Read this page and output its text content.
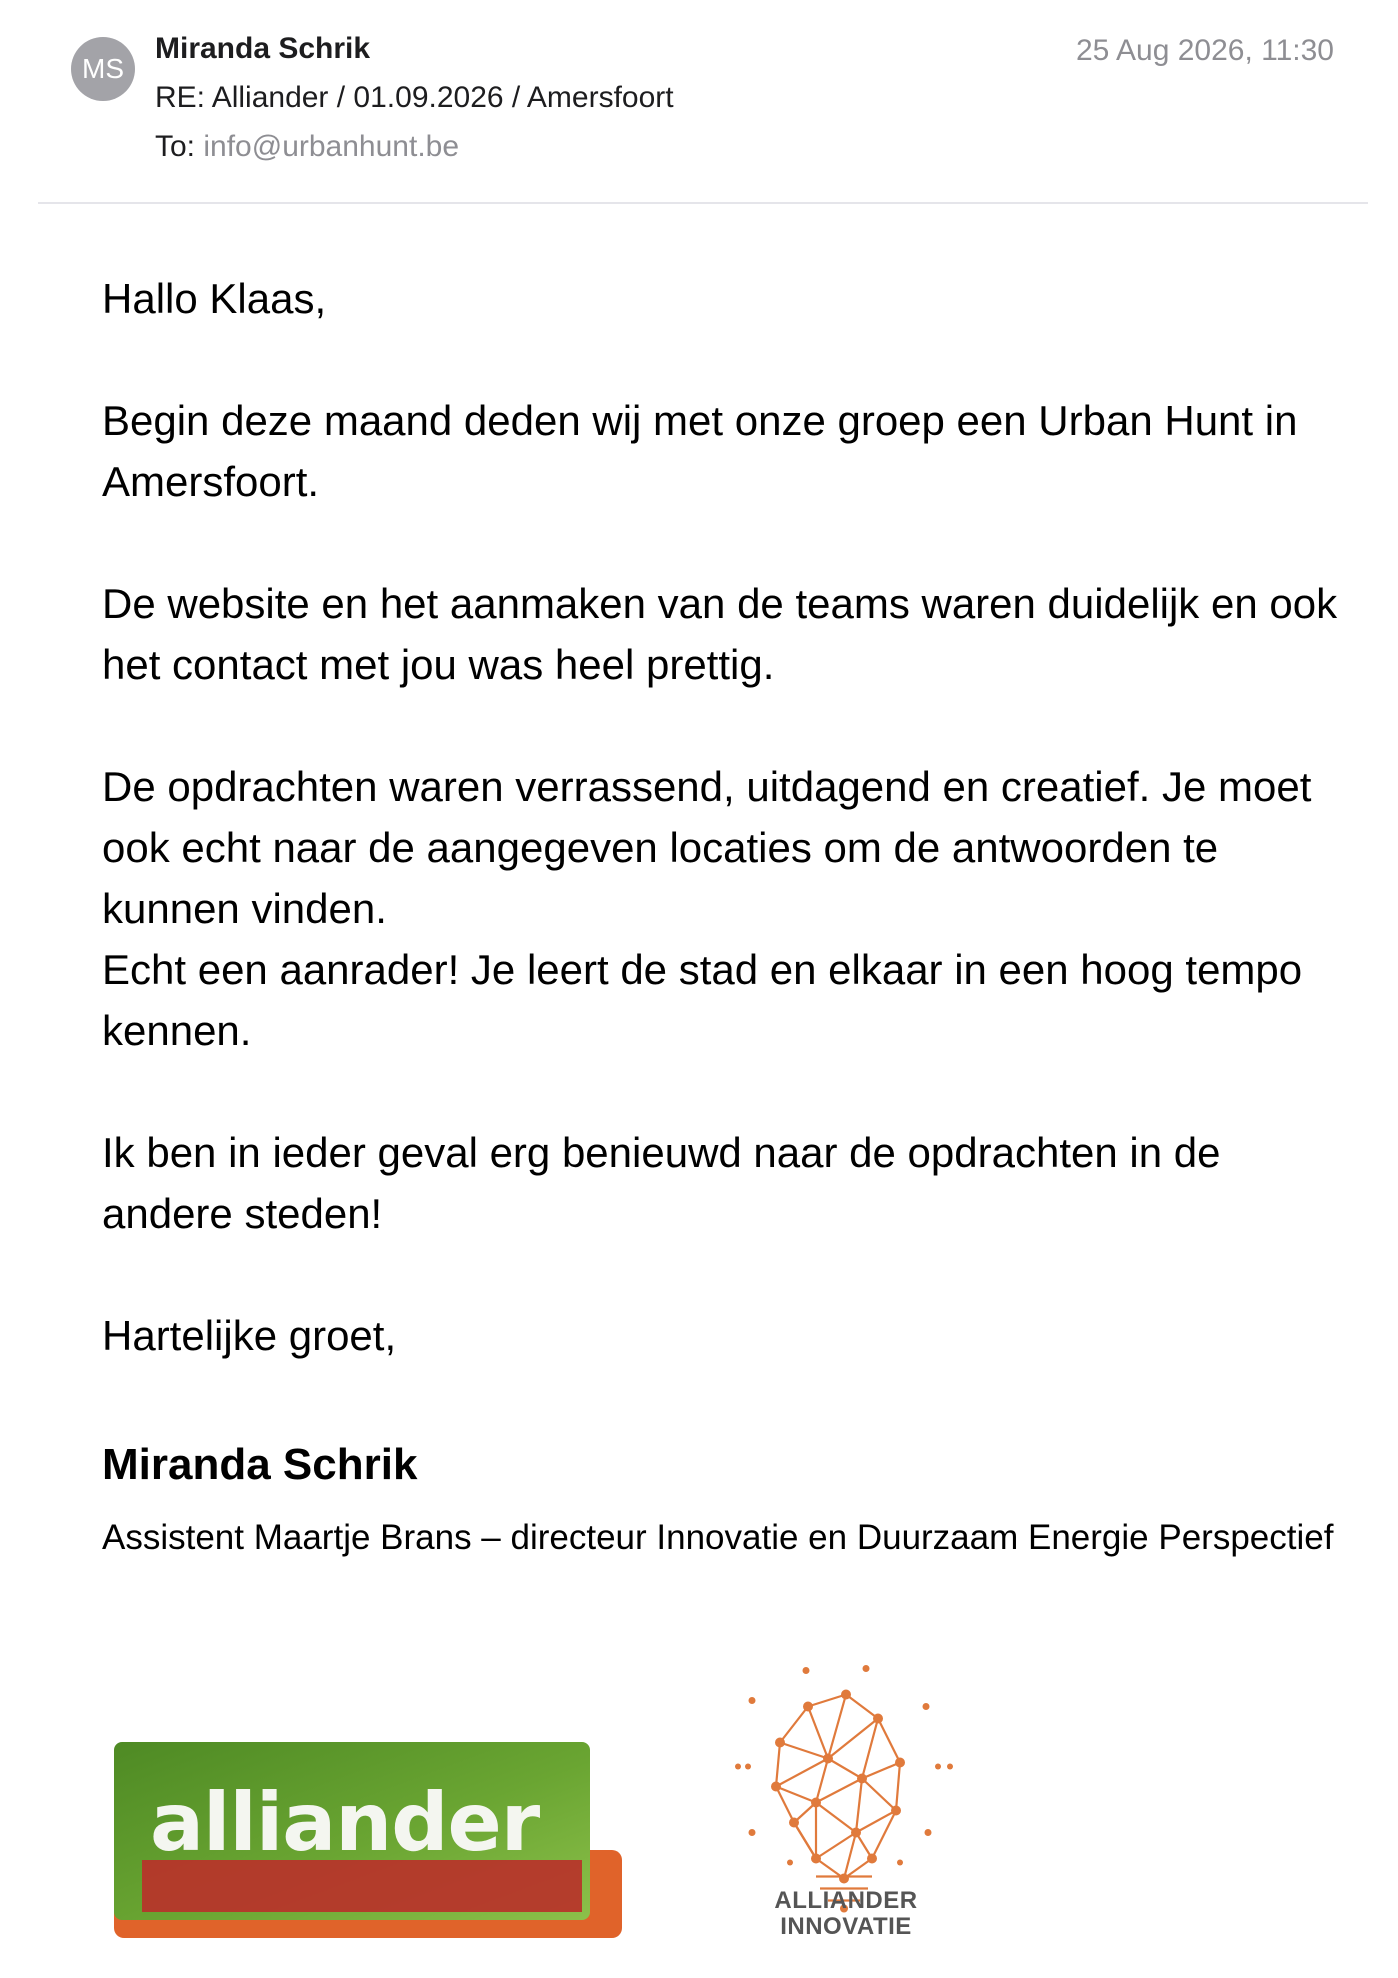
MS
Miranda Schrik
RE: Alliander / 01.09.2026 / Amersfoort
To: info@urbanhunt.be
25 Aug 2026, 11:30

Hallo Klaas,

Begin deze maand deden wij met onze groep een Urban Hunt in Amersfoort.

De website en het aanmaken van de teams waren duidelijk en ook het contact met jou was heel prettig.

De opdrachten waren verrassend, uitdagend en creatief. Je moet ook echt naar de aangegeven locaties om de antwoorden te kunnen vinden.

Echt een aanrader! Je leert de stad en elkaar in een hoog tempo kennen.

Ik ben in ieder geval erg benieuwd naar de opdrachten in de andere steden!

Hartelijke groet,

Miranda Schrik
Assistent Maartje Brans – directeur Innovatie en Duurzaam Energie Perspectief
alliander
ALLIANDER
INNOVATIE
